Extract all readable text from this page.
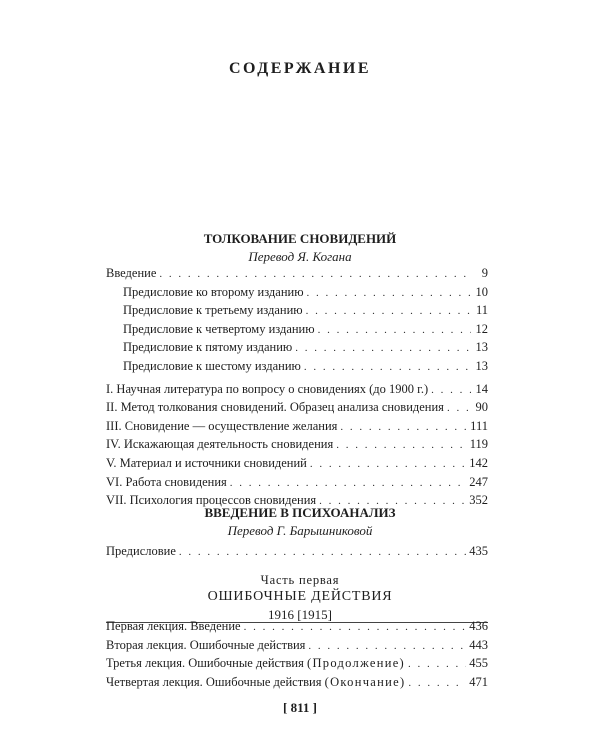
СОДЕРЖАНИЕ
ТОЛКОВАНИЕ СНОВИДЕНИЙ

Перевод Я. Когана

Введение . . .	9
Предисловие ко второму изданию . . .	10
Предисловие к третьему изданию . . .	11
Предисловие к четвертому изданию . . .	12
Предисловие к пятому изданию . . .	13
Предисловие к шестому изданию . . .	13
I. Научная литература по вопросу о сновидениях (до 1900 г.) . . .	14
II. Метод толкования сновидений. Образец анализа сновидения . . .	90
III. Сновидение — осуществление желания . . .	111
IV. Искажающая деятельность сновидения . . .	119
V. Материал и источники сновидений . . .	142
VI. Работа сновидения . . .	247
VII. Психология процессов сновидения . . .	352
ВВЕДЕНИЕ В ПСИХОАНАЛИЗ

Перевод Г. Барышниковой

Предисловие . . .	435

Часть первая

ОШИБОЧНЫЕ ДЕЙСТВИЯ

1916 [1915]

Первая лекция. Введение . . .	436
Вторая лекция. Ошибочные действия . . .	443
Третья лекция. Ошибочные действия (Продолжение) . . .	455
Четвертая лекция. Ошибочные действия (Окончание) . . .	471

[ 811 ]
